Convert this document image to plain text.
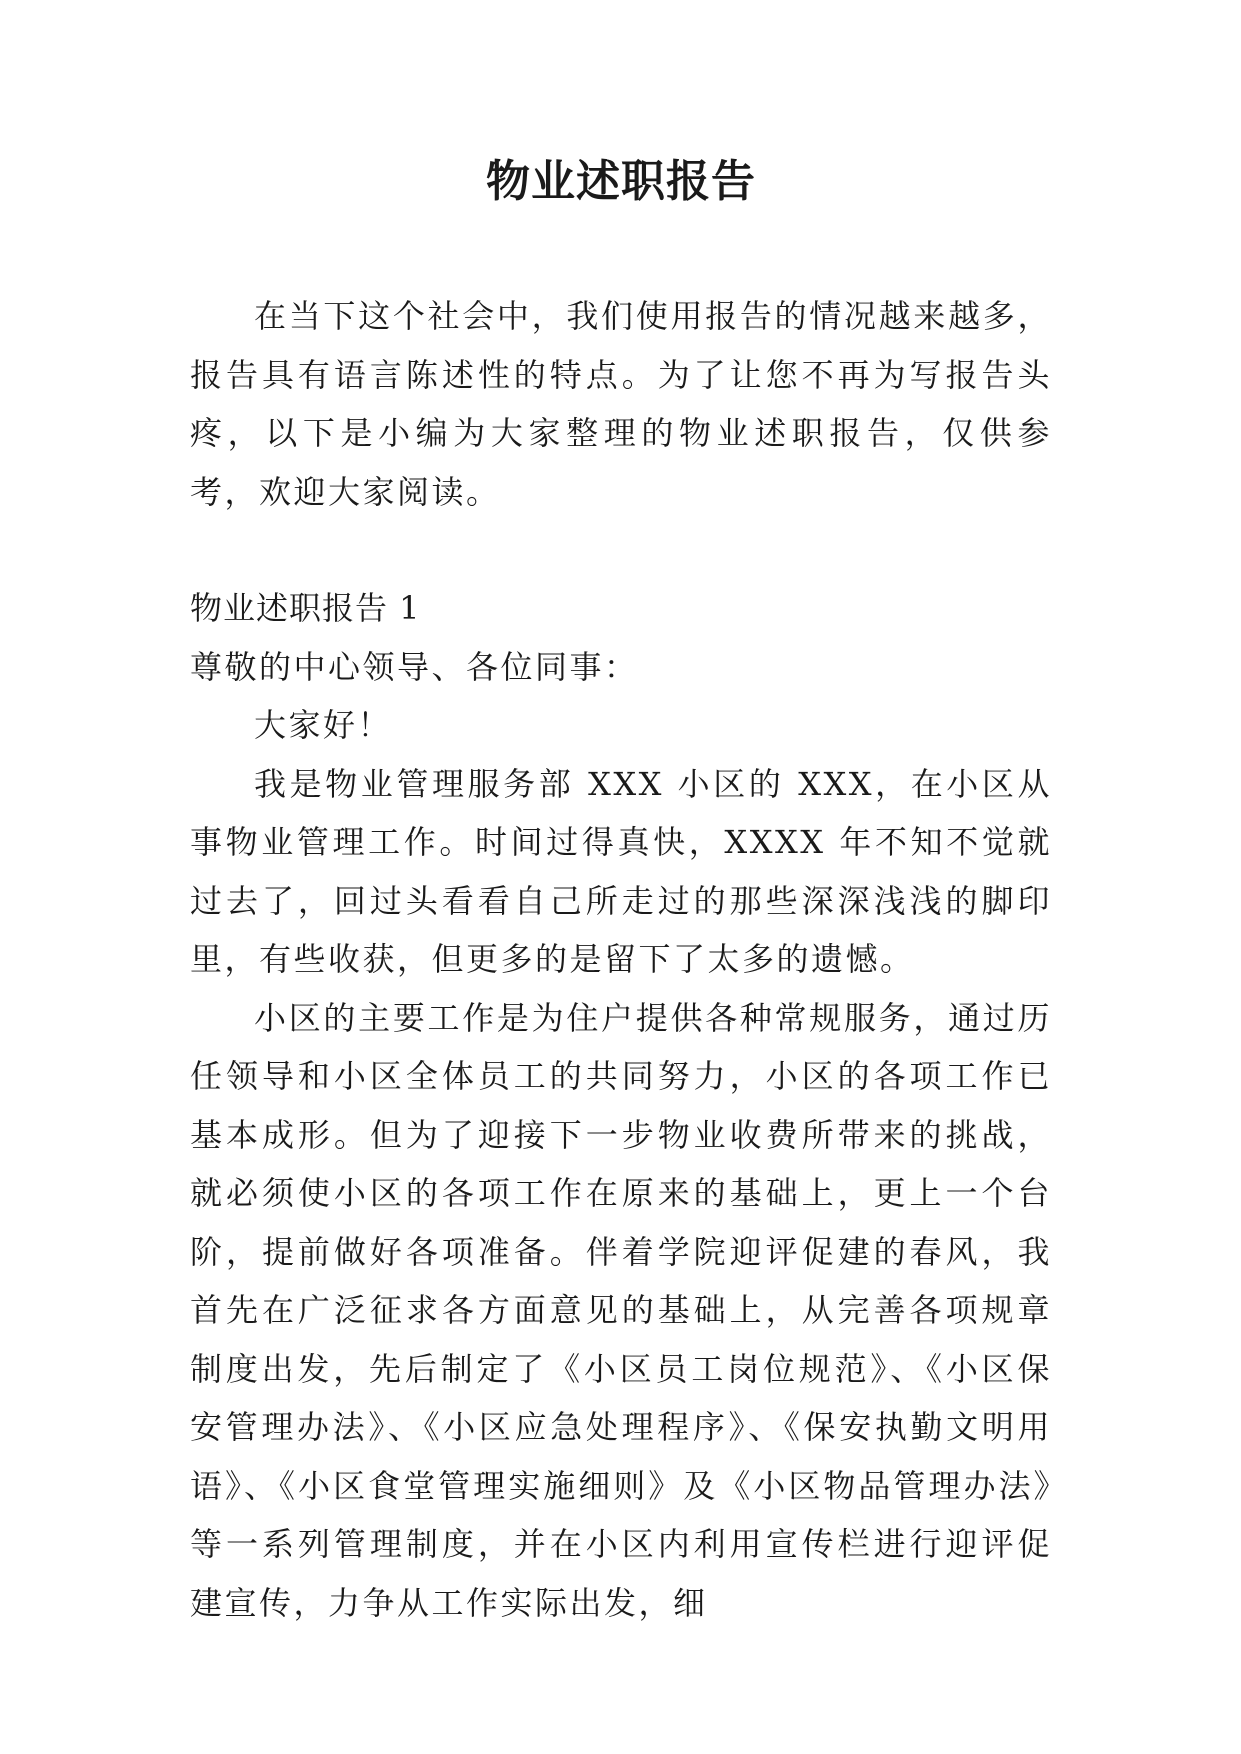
物业述职报告

在当下这个社会中，我们使用报告的情况越来越多，报告具有语言陈述性的特点。为了让您不再为写报告头疼，以下是小编为大家整理的物业述职报告，仅供参考，欢迎大家阅读。

物业述职报告 1

尊敬的中心领导、各位同事：

大家好！

我是物业管理服务部 XXX 小区的 XXX，在小区从事物业管理工作。时间过得真快，XXXX 年不知不觉就过去了，回过头看看自己所走过的那些深深浅浅的脚印里，有些收获，但更多的是留下了太多的遗憾。

小区的主要工作是为住户提供各种常规服务，通过历任领导和小区全体员工的共同努力，小区的各项工作已基本成形。但为了迎接下一步物业收费所带来的挑战，就必须使小区的各项工作在原来的基础上，更上一个台阶，提前做好各项准备。伴着学院迎评促建的春风，我首先在广泛征求各方面意见的基础上，从完善各项规章制度出发，先后制定了《小区员工岗位规范》、《小区保安管理办法》、《小区应急处理程序》、《保安执勤文明用语》、《小区食堂管理实施细则》及《小区物品管理办法》等一系列管理制度，并在小区内利用宣传栏进行迎评促建宣传，力争从工作实际出发，细
